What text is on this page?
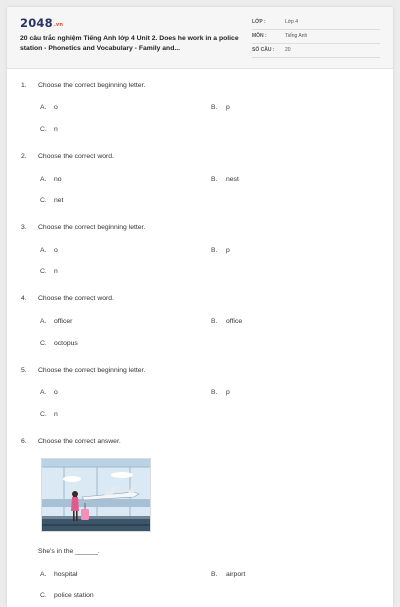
2048.vn
20 câu trắc nghiệm Tiếng Anh lớp 4 Unit 2. Does he work in a police station - Phonetics and Vocabulary - Family and...
LỚP :	Lớp 4
MÔN :	Tiếng Anh
SỐ CÂU : 20
1. Choose the correct beginning letter.
A. o	B. p
C. n
2. Choose the correct word.
A. no	B. nest
C. net
3. Choose the correct beginning letter.
A. o	B. p
C. n
4. Choose the correct word.
A. officer	B. office
C. octopus
5. Choose the correct beginning letter.
A. o	B. p
C. n
6. Choose the correct answer.
She's in the ______.
A. hospital	B. airport
C. police station
